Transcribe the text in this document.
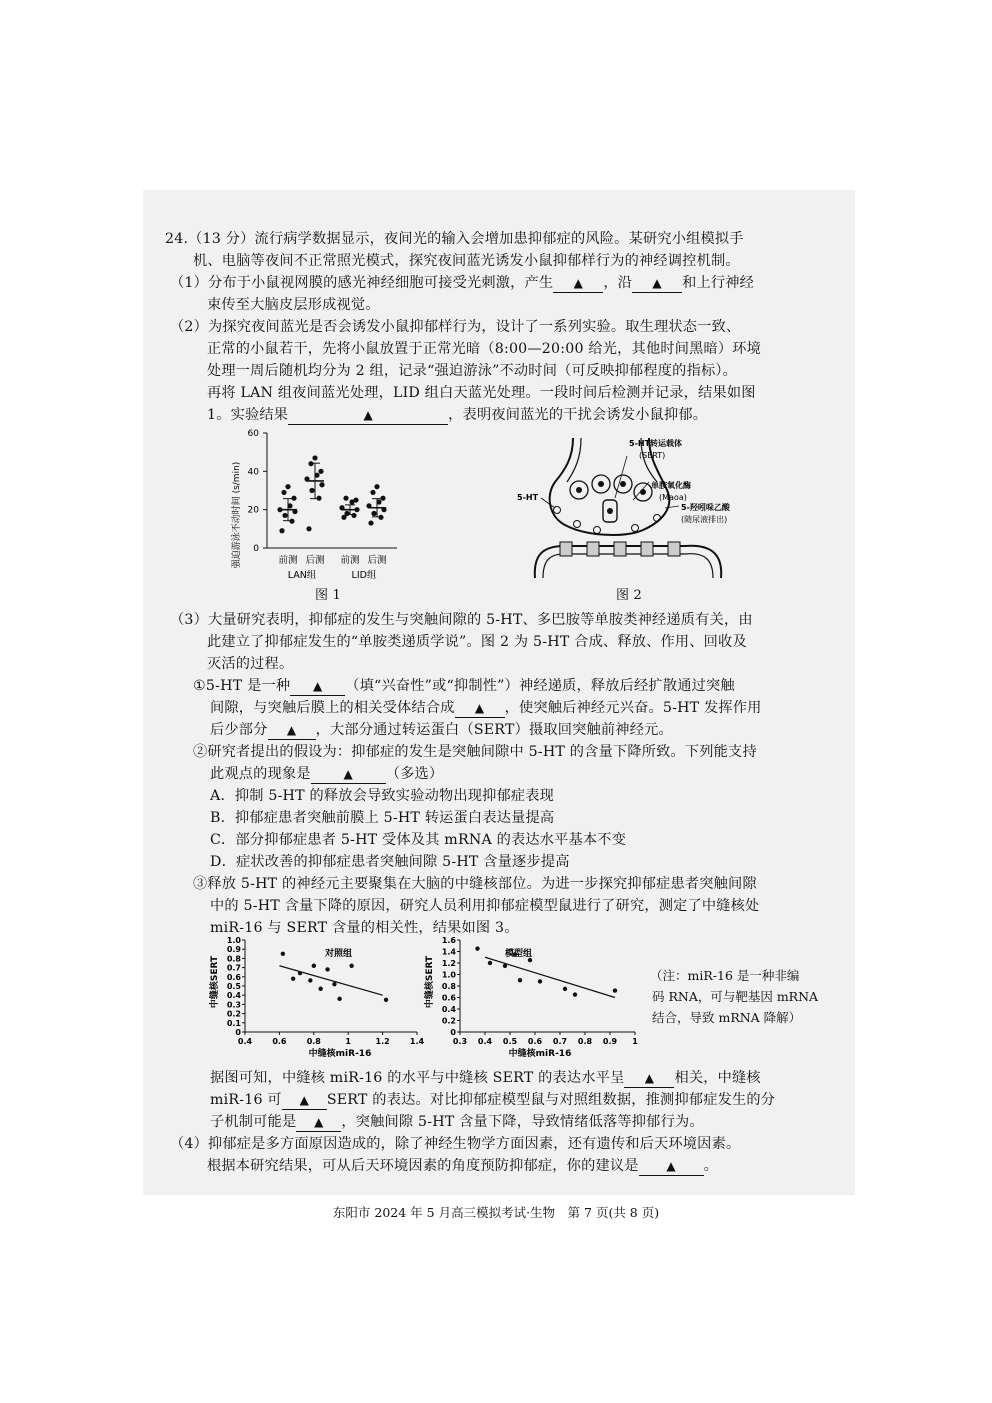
24.（13 分）流行病学数据显示，夜间光的输入会增加患抑郁症的风险。某研究小组模拟手
机、电脑等夜间不正常照光模式，探究夜间蓝光诱发小鼠抑郁样行为的神经调控机制。
（1）分布于小鼠视网膜的感光神经细胞可接受光刺激，产生 ▲ ，沿 ▲ 和上行神经
束传至大脑皮层形成视觉。
（2）为探究夜间蓝光是否会诱发小鼠抑郁样行为，设计了一系列实验。取生理状态一致、
正常的小鼠若干，先将小鼠放置于正常光暗（8:00—20:00 给光，其他时间黑暗）环境
处理一周后随机均分为 2 组，记录“强迫游泳”不动时间（可反映抑郁程度的指标）。
再将 LAN 组夜间蓝光处理，LID 组白天蓝光处理。一段时间后检测并记录，结果如图
1。实验结果	▲	，表明夜间蓝光的干扰会诱发小鼠抑郁。
0
20
40
60
强迫游泳不动时间 (s/min)	前测 后测 前测 后测
LAN组	LID组
图 1
5-HT转运载体
(SERT)
单胺氧化酶
(Maoa)
5-HT
5-羟吲哚乙酸
(随尿液排出)
图 2
（3）大量研究表明，抑郁症的发生与突触间隙的 5-HT、多巴胺等单胺类神经递质有关，由
此建立了抑郁症发生的“单胺类递质学说”。图 2 为 5-HT 合成、释放、作用、回收及
灭活的过程。
①5-HT 是一种 ▲ （填“兴奋性”或“抑制性”）神经递质，释放后经扩散通过突触
间隙，与突触后膜上的相关受体结合成 ▲ ，使突触后神经元兴奋。5-HT 发挥作用
后少部分 ▲ ，大部分通过转运蛋白（SERT）摄取回突触前神经元。
②研究者提出的假设为：抑郁症的发生是突触间隙中 5-HT 的含量下降所致。下列能支持
此观点的现象是	▲ （多选）
A．抑制 5-HT 的释放会导致实验动物出现抑郁症表现
B．抑郁症患者突触前膜上 5-HT 转运蛋白表达量提高
C．部分抑郁症患者 5-HT 受体及其 mRNA 的表达水平基本不变
D．症状改善的抑郁症患者突触间隙 5-HT 含量逐步提高
③释放 5-HT 的神经元主要聚集在大脑的中缝核部位。为进一步探究抑郁症患者突触间隙
中的 5-HT 含量下降的原因，研究人员利用抑郁症模型鼠进行了研究，测定了中缝核处
miR-16 与 SERT 含量的相关性，结果如图 3。
0
0.1
0.2
0.3
0.4
0.5
0.6
0.7
0.8
0.9
1.0
0.4	0.6	0.8	1	1.2	1.4
中缝核SERT
对照组
中缝核miR-16
0
0.2
0.4
0.6
0.8
1.0
1.2
1.4
1.6
0.3 0.4 0.5 0.6 0.7 0.8 0.9 1
中缝核SERT
模型组
中缝核miR-16
（注：miR-16 是一种非编
码 RNA，可与靶基因 mRNA
结合，导致 mRNA 降解）
据图可知，中缝核 miR-16 的水平与中缝核 SERT 的表达水平呈 ▲ 相关，中缝核
miR-16 可 ▲ SERT 的表达。对比抑郁症模型鼠与对照组数据，推测抑郁症发生的分
子机制可能是 ▲ ，突触间隙 5-HT 含量下降，导致情绪低落等抑郁行为。
（4）抑郁症是多方面原因造成的，除了神经生物学方面因素，还有遗传和后天环境因素。
根据本研究结果，可从后天环境因素的角度预防抑郁症，你的建议是 ▲ 。
东阳市 2024 年 5 月高三模拟考试·生物　第 7 页(共 8 页)
